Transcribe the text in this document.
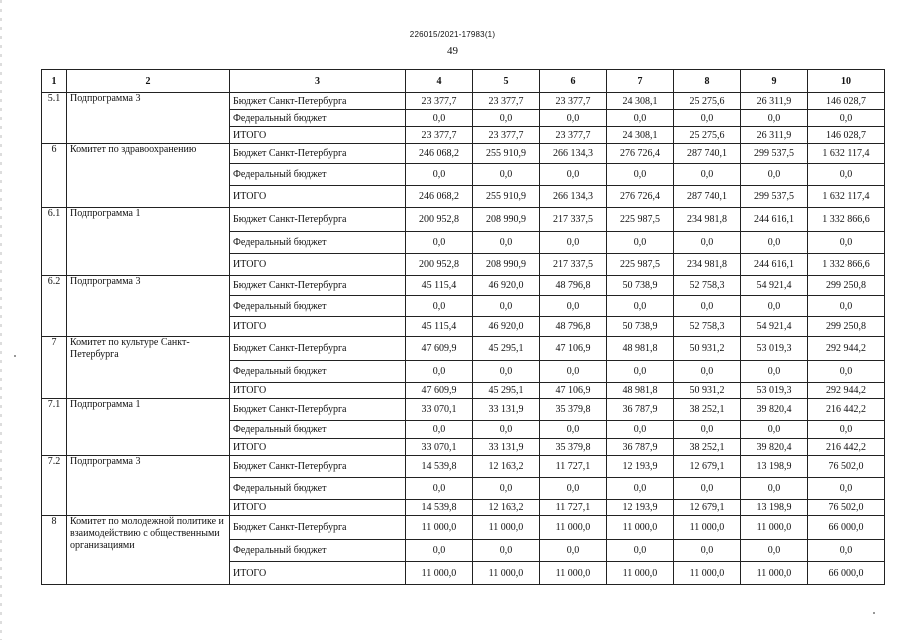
226015/2021-17983(1)
49
1	2	3	4	5	6	7	8	9	10
5.1	Подпрограмма 3	Бюджет Санкт-Петербурга	23 377,7	23 377,7	23 377,7	24 308,1	25 275,6	26 311,9	146 028,7
		Федеральный бюджет	0,0	0,0	0,0	0,0	0,0	0,0	0,0
		ИТОГО	23 377,7	23 377,7	23 377,7	24 308,1	25 275,6	26 311,9	146 028,7
6	Комитет по здравоохранению	Бюджет Санкт-Петербурга	246 068,2	255 910,9	266 134,3	276 726,4	287 740,1	299 537,5	1 632 117,4
		Федеральный бюджет	0,0	0,0	0,0	0,0	0,0	0,0	0,0
		ИТОГО	246 068,2	255 910,9	266 134,3	276 726,4	287 740,1	299 537,5	1 632 117,4
6.1	Подпрограмма 1	Бюджет Санкт-Петербурга	200 952,8	208 990,9	217 337,5	225 987,5	234 981,8	244 616,1	1 332 866,6
		Федеральный бюджет	0,0	0,0	0,0	0,0	0,0	0,0	0,0
		ИТОГО	200 952,8	208 990,9	217 337,5	225 987,5	234 981,8	244 616,1	1 332 866,6
6.2	Подпрограмма 3	Бюджет Санкт-Петербурга	45 115,4	46 920,0	48 796,8	50 738,9	52 758,3	54 921,4	299 250,8
		Федеральный бюджет	0,0	0,0	0,0	0,0	0,0	0,0	0,0
		ИТОГО	45 115,4	46 920,0	48 796,8	50 738,9	52 758,3	54 921,4	299 250,8
7	Комитет по культуре Санкт-Петербурга	Бюджет Санкт-Петербурга	47 609,9	45 295,1	47 106,9	48 981,8	50 931,2	53 019,3	292 944,2
		Федеральный бюджет	0,0	0,0	0,0	0,0	0,0	0,0	0,0
		ИТОГО	47 609,9	45 295,1	47 106,9	48 981,8	50 931,2	53 019,3	292 944,2
7.1	Подпрограмма 1	Бюджет Санкт-Петербурга	33 070,1	33 131,9	35 379,8	36 787,9	38 252,1	39 820,4	216 442,2
		Федеральный бюджет	0,0	0,0	0,0	0,0	0,0	0,0	0,0
		ИТОГО	33 070,1	33 131,9	35 379,8	36 787,9	38 252,1	39 820,4	216 442,2
7.2	Подпрограмма 3	Бюджет Санкт-Петербурга	14 539,8	12 163,2	11 727,1	12 193,9	12 679,1	13 198,9	76 502,0
		Федеральный бюджет	0,0	0,0	0,0	0,0	0,0	0,0	0,0
		ИТОГО	14 539,8	12 163,2	11 727,1	12 193,9	12 679,1	13 198,9	76 502,0
8	Комитет по молодежной политике и взаимодействию с общественными организациями	Бюджет Санкт-Петербурга	11 000,0	11 000,0	11 000,0	11 000,0	11 000,0	11 000,0	66 000,0
		Федеральный бюджет	0,0	0,0	0,0	0,0	0,0	0,0	0,0
		ИТОГО	11 000,0	11 000,0	11 000,0	11 000,0	11 000,0	11 000,0	66 000,0
